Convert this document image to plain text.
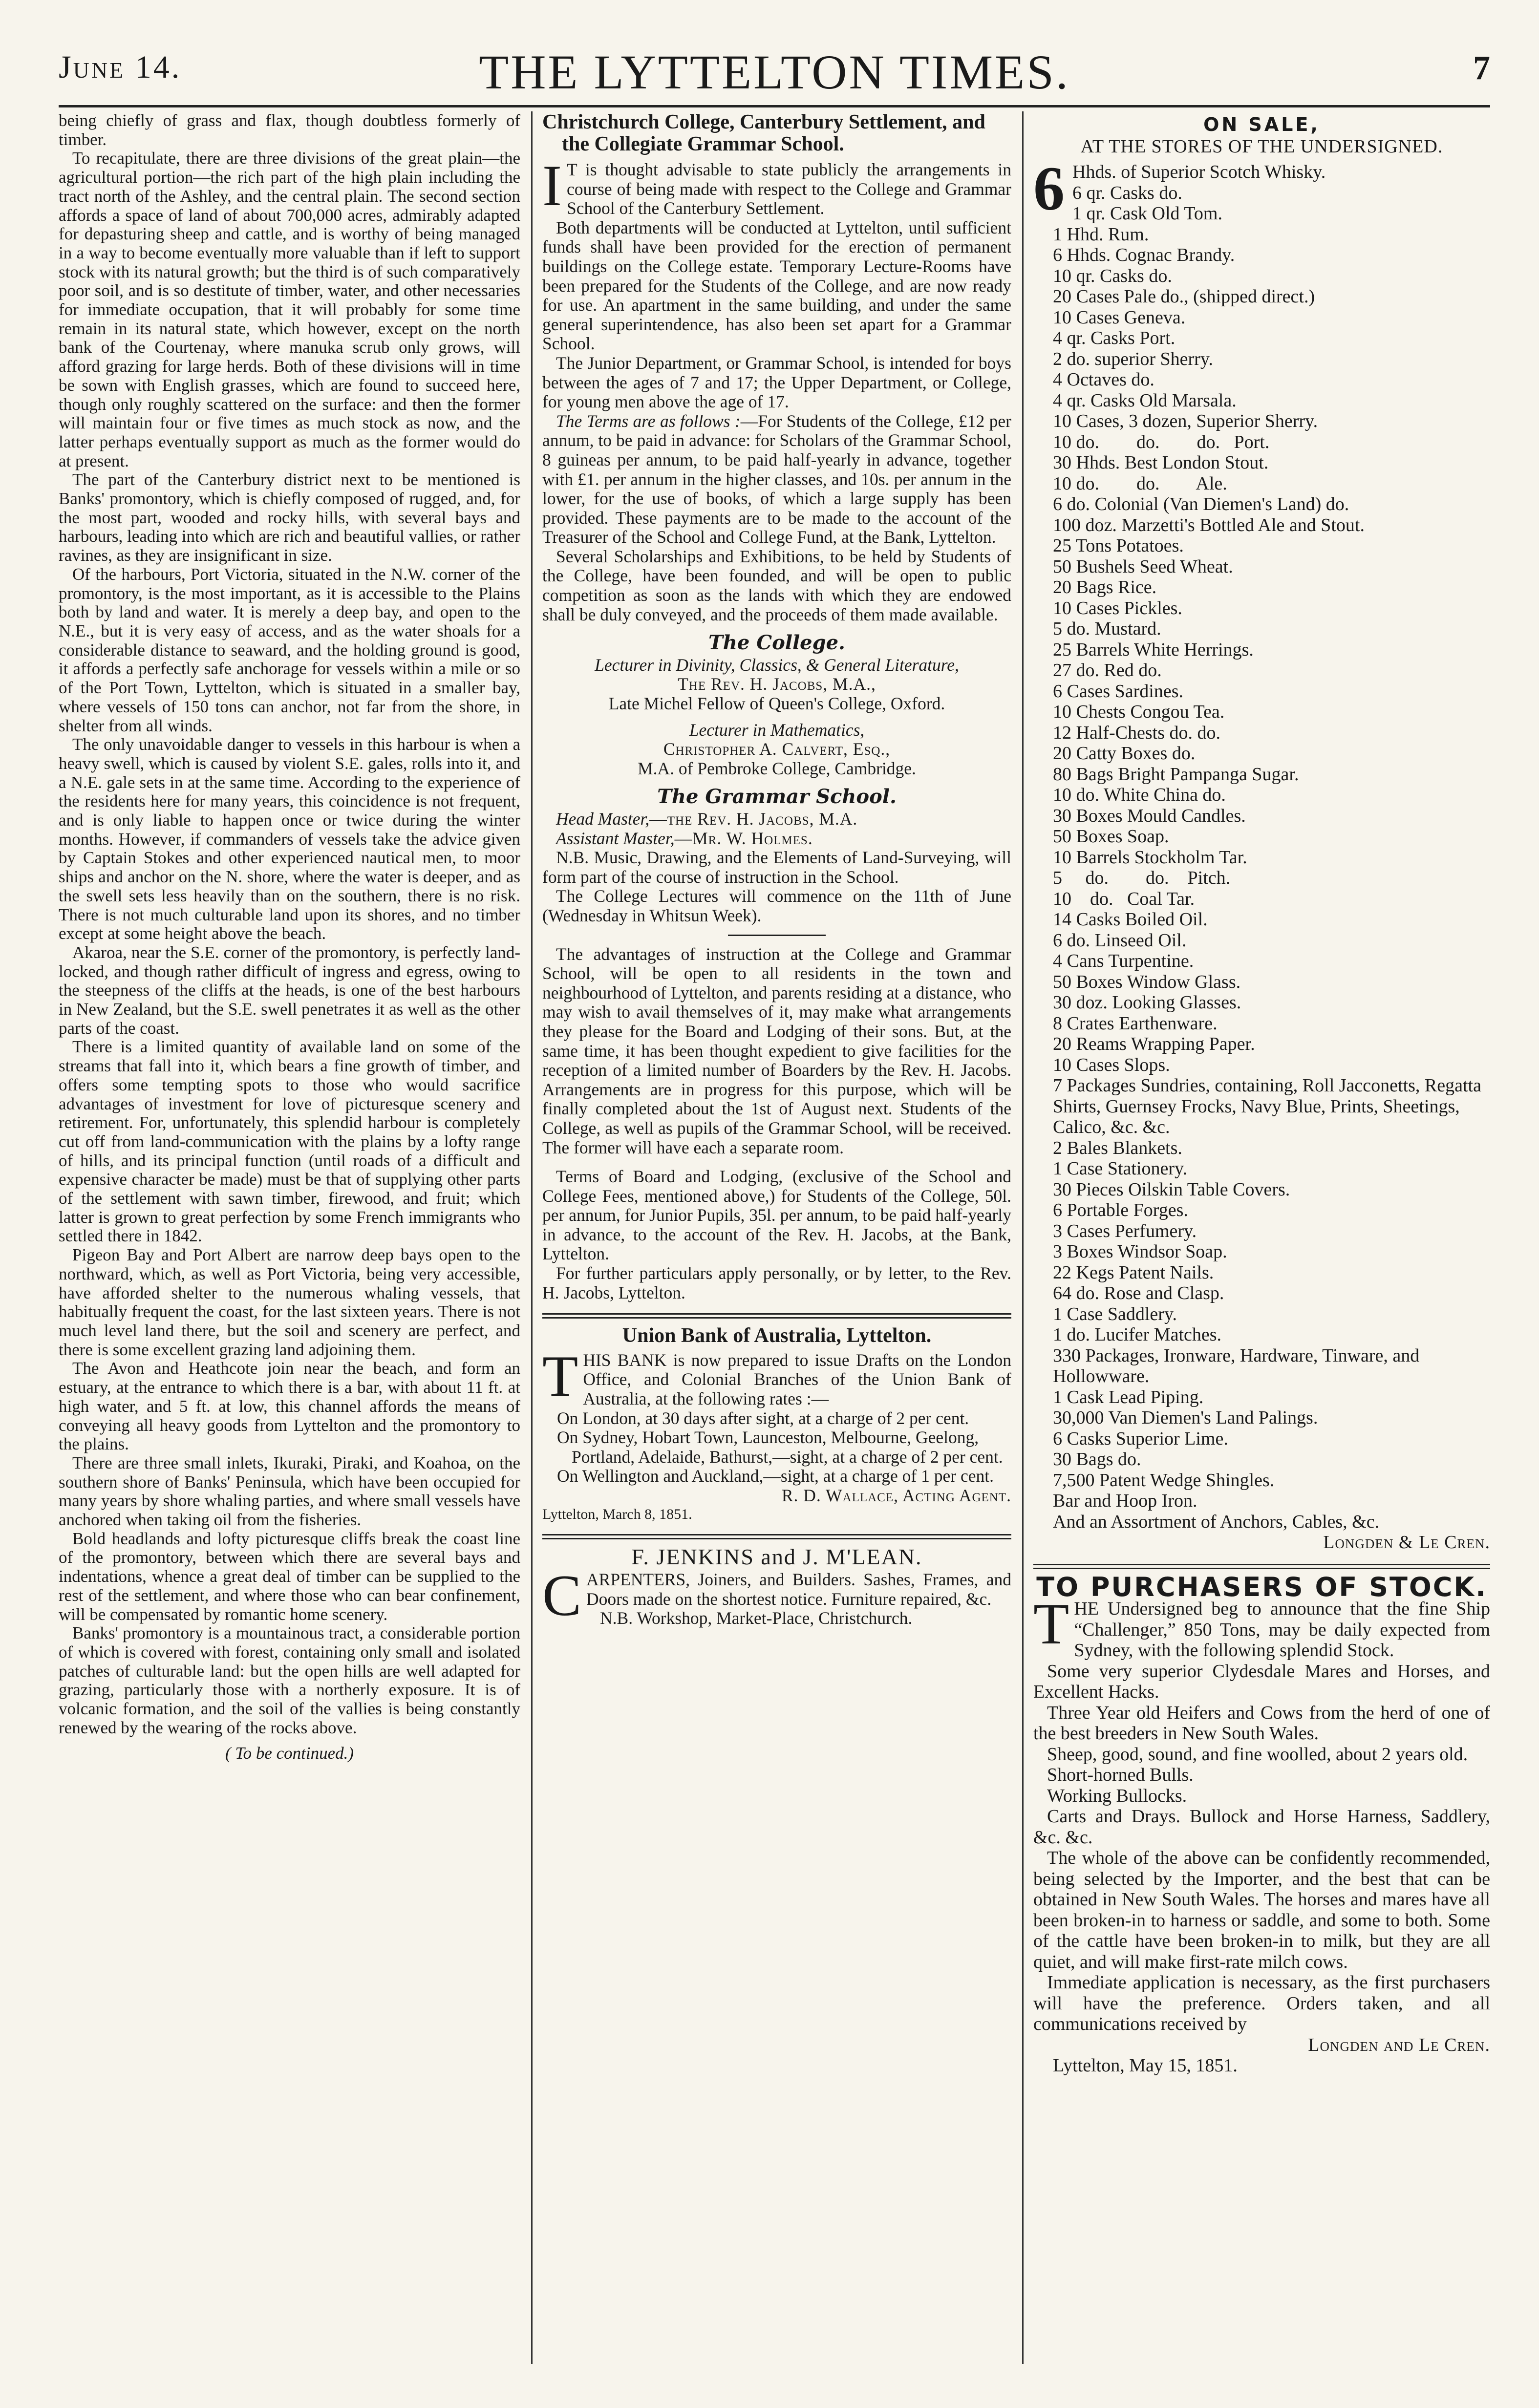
June 14.	THE LYTTELTON TIMES.	7

being chiefly of grass and flax, though doubtless formerly of timber.

To recapitulate, there are three divisions of the great plain—the agricultural portion—the rich part of the high plain including the tract north of the Ashley, and the central plain. The second section affords a space of land of about 700,000 acres, admirably adapted for depasturing sheep and cattle, and is worthy of being managed in a way to become eventually more valuable than if left to support stock with its natural growth; but the third is of such comparatively poor soil, and is so destitute of timber, water, and other necessaries for immediate occupation, that it will probably for some time remain in its natural state, which however, except on the north bank of the Courtenay, where manuka scrub only grows, will afford grazing for large herds. Both of these divisions will in time be sown with English grasses, which are found to succeed here, though only roughly scattered on the surface: and then the former will maintain four or five times as much stock as now, and the latter perhaps eventually support as much as the former would do at present.

The part of the Canterbury district next to be mentioned is Banks' promontory, which is chiefly composed of rugged, and, for the most part, wooded and rocky hills, with several bays and harbours, leading into which are rich and beautiful vallies, or rather ravines, as they are insignificant in size.

Of the harbours, Port Victoria, situated in the N.W. corner of the promontory, is the most important, as it is accessible to the Plains both by land and water. It is merely a deep bay, and open to the N.E., but it is very easy of access, and as the water shoals for a considerable distance to seaward, and the holding ground is good, it affords a perfectly safe anchorage for vessels within a mile or so of the Port Town, Lyttelton, which is situated in a smaller bay, where vessels of 150 tons can anchor, not far from the shore, in shelter from all winds.

The only unavoidable danger to vessels in this harbour is when a heavy swell, which is caused by violent S.E. gales, rolls into it, and a N.E. gale sets in at the same time. According to the experience of the residents here for many years, this coincidence is not frequent, and is only liable to happen once or twice during the winter months. However, if commanders of vessels take the advice given by Captain Stokes and other experienced nautical men, to moor ships and anchor on the N. shore, where the water is deeper, and as the swell sets less heavily than on the southern, there is no risk. There is not much culturable land upon its shores, and no timber except at some height above the beach.

Akaroa, near the S.E. corner of the promontory, is perfectly land-locked, and though rather difficult of ingress and egress, owing to the steepness of the cliffs at the heads, is one of the best harbours in New Zealand, but the S.E. swell penetrates it as well as the other parts of the coast.

There is a limited quantity of available land on some of the streams that fall into it, which bears a fine growth of timber, and offers some tempting spots to those who would sacrifice advantages of investment for love of picturesque scenery and retirement. For, unfortunately, this splendid harbour is completely cut off from land-communication with the plains by a lofty range of hills, and its principal function (until roads of a difficult and expensive character be made) must be that of supplying other parts of the settlement with sawn timber, firewood, and fruit; which latter is grown to great perfection by some French immigrants who settled there in 1842.

Pigeon Bay and Port Albert are narrow deep bays open to the northward, which, as well as Port Victoria, being very accessible, have afforded shelter to the numerous whaling vessels, that habitually frequent the coast, for the last sixteen years. There is not much level land there, but the soil and scenery are perfect, and there is some excellent grazing land adjoining them.

The Avon and Heathcote join near the beach, and form an estuary, at the entrance to which there is a bar, with about 11 ft. at high water, and 5 ft. at low, this channel affords the means of conveying all heavy goods from Lyttelton and the promontory to the plains.

There are three small inlets, Ikuraki, Piraki, and Koahoa, on the southern shore of Banks' Peninsula, which have been occupied for many years by shore whaling parties, and where small vessels have anchored when taking oil from the fisheries.

Bold headlands and lofty picturesque cliffs break the coast line of the promontory, between which there are several bays and indentations, whence a great deal of timber can be supplied to the rest of the settlement, and where those who can bear confinement, will be compensated by romantic home scenery.

Banks' promontory is a mountainous tract, a considerable portion of which is covered with forest, containing only small and isolated patches of culturable land: but the open hills are well adapted for grazing, particularly those with a northerly exposure. It is of volcanic formation, and the soil of the vallies is being constantly renewed by the wearing of the rocks above.

( To be continued.)

Christchurch College, Canterbury Settlement, and the Collegiate Grammar School.

I T is thought advisable to state publicly the arrangements in course of being made with respect to the College and Grammar School of the Canterbury Settlement.

Both departments will be conducted at Lyttelton, until sufficient funds shall have been provided for the erection of permanent buildings on the College estate. Temporary Lecture-Rooms have been prepared for the Students of the College, and are now ready for use. An apartment in the same building, and under the same general superintendence, has also been set apart for a Grammar School.

The Junior Department, or Grammar School, is intended for boys between the ages of 7 and 17; the Upper Department, or College, for young men above the age of 17.

The Terms are as follows :—For Students of the College, £12 per annum, to be paid in advance: for Scholars of the Grammar School, 8 guineas per annum, to be paid half-yearly in advance, together with £1. per annum in the higher classes, and 10s. per annum in the lower, for the use of books, of which a large supply has been provided. These payments are to be made to the account of the Treasurer of the School and College Fund, at the Bank, Lyttelton.

Several Scholarships and Exhibitions, to be held by Students of the College, have been founded, and will be open to public competition as soon as the lands with which they are endowed shall be duly conveyed, and the proceeds of them made available.

The College.

Lecturer in Divinity, Classics, & General Literature,

The Rev. H. Jacobs, M.A.,

Late Michel Fellow of Queen's College, Oxford.

Lecturer in Mathematics,

Christopher A. Calvert, Esq.,

M.A. of Pembroke College, Cambridge.

The Grammar School.

Head Master,—the Rev. H. Jacobs, M.A.

Assistant Master,—Mr. W. Holmes.

N.B. Music, Drawing, and the Elements of Land-Surveying, will form part of the course of instruction in the School.

The College Lectures will commence on the 11th of June (Wednesday in Whitsun Week).

The advantages of instruction at the College and Grammar School, will be open to all residents in the town and neighbourhood of Lyttelton, and parents residing at a distance, who may wish to avail themselves of it, may make what arrangements they please for the Board and Lodging of their sons. But, at the same time, it has been thought expedient to give facilities for the reception of a limited number of Boarders by the Rev. H. Jacobs. Arrangements are in progress for this purpose, which will be finally completed about the 1st of August next. Students of the College, as well as pupils of the Grammar School, will be received. The former will have each a separate room.

Terms of Board and Lodging, (exclusive of the School and College Fees, mentioned above,) for Students of the College, 50l. per annum, for Junior Pupils, 35l. per annum, to be paid half-yearly in advance, to the account of the Rev. H. Jacobs, at the Bank, Lyttelton.

For further particulars apply personally, or by letter, to the Rev. H. Jacobs, Lyttelton.

Union Bank of Australia, Lyttelton.

THIS BANK is now prepared to issue Drafts on the London Office, and Colonial Branches of the Union Bank of Australia, at the following rates :—

On London, at 30 days after sight, at a charge of 2 per cent.

On Sydney, Hobart Town, Launceston, Melbourne, Geelong, Portland, Adelaide, Bathurst,—sight, at a charge of 2 per cent.

On Wellington and Auckland,—sight, at a charge of 1 per cent.

R. D. Wallace, Acting Agent.

Lyttelton, March 8, 1851.

F. JENKINS and J. M'LEAN.

CARPENTERS, Joiners, and Builders. Sashes, Frames, and Doors made on the shortest notice. Furniture repaired, &c.

N.B. Workshop, Market-Place, Christchurch.

ON SALE,

AT THE STORES OF THE UNDERSIGNED.

6 Hhds. of Superior Scotch Whisky.

6 qr. Casks do.

1 qr. Cask Old Tom.

1 Hhd. Rum.

6 Hhds. Cognac Brandy.

10 qr. Casks do.

20 Cases Pale do., (shipped direct.)

10 Cases Geneva.

4 qr. Casks Port.

2 do. superior Sherry.

4 Octaves do.

4 qr. Casks Old Marsala.

10 Cases, 3 dozen, Superior Sherry.

10 do.        do.        do.   Port.

30 Hhds. Best London Stout.

10 do.        do.        Ale.

6 do. Colonial (Van Diemen's Land) do.

100 doz. Marzetti's Bottled Ale and Stout.

25 Tons Potatoes.

50 Bushels Seed Wheat.

20 Bags Rice.

10 Cases Pickles.

5 do. Mustard.

25 Barrels White Herrings.

27 do. Red do.

6 Cases Sardines.

10 Chests Congou Tea.

12 Half-Chests do. do.

20 Catty Boxes do.

80 Bags Bright Pampanga Sugar.

10 do. White China do.

30 Boxes Mould Candles.

50 Boxes Soap.

10 Barrels Stockholm Tar.

5     do.        do.    Pitch.

10    do.   Coal Tar.

14 Casks Boiled Oil.

6 do. Linseed Oil.

4 Cans Turpentine.

50 Boxes Window Glass.

30 doz. Looking Glasses.

8 Crates Earthenware.

20 Reams Wrapping Paper.

10 Cases Slops.

7 Packages Sundries, containing, Roll Jacconetts, Regatta Shirts, Guernsey Frocks, Navy Blue, Prints, Sheetings, Calico, &c. &c.

2 Bales Blankets.

1 Case Stationery.

30 Pieces Oilskin Table Covers.

6 Portable Forges.

3 Cases Perfumery.

3 Boxes Windsor Soap.

22 Kegs Patent Nails.

64 do. Rose and Clasp.

1 Case Saddlery.

1 do. Lucifer Matches.

330 Packages, Ironware, Hardware, Tinware, and Hollowware.

1 Cask Lead Piping.

30,000 Van Diemen's Land Palings.

6 Casks Superior Lime.

30 Bags do.

7,500 Patent Wedge Shingles.

Bar and Hoop Iron.

And an Assortment of Anchors, Cables, &c.

Longden & Le Cren.

TO PURCHASERS OF STOCK.

THE Undersigned beg to announce that the fine Ship “Challenger,” 850 Tons, may be daily expected from Sydney, with the following splendid Stock.

Some very superior Clydesdale Mares and Horses, and Excellent Hacks.

Three Year old Heifers and Cows from the herd of one of the best breeders in New South Wales.

Sheep, good, sound, and fine woolled, about 2 years old.

Short-horned Bulls.

Working Bullocks.

Carts and Drays. Bullock and Horse Harness, Saddlery, &c. &c.

The whole of the above can be confidently recommended, being selected by the Importer, and the best that can be obtained in New South Wales. The horses and mares have all been broken-in to harness or saddle, and some to both. Some of the cattle have been broken-in to milk, but they are all quiet, and will make first-rate milch cows.

Immediate application is necessary, as the first purchasers will have the preference. Orders taken, and all communications received by

Longden and Le Cren.

Lyttelton, May 15, 1851.
